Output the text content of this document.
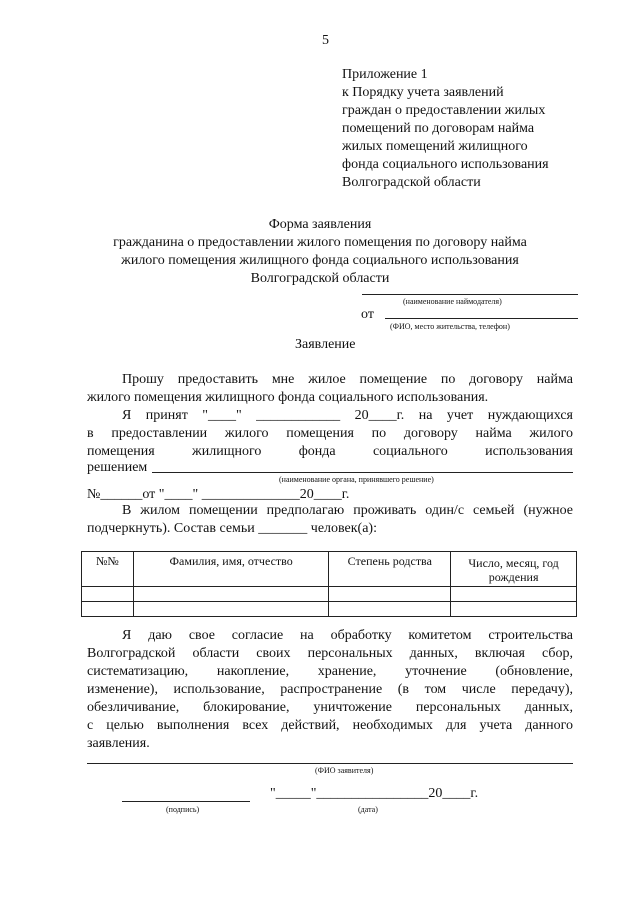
5
Приложение 1
к Порядку учета заявлений
граждан о предоставлении жилых
помещений по договорам найма
жилых помещений жилищного
фонда социального использования
Волгоградской области
Форма заявления
гражданина о предоставлении жилого помещения по договору найма
жилого помещения жилищного фонда социального использования
Волгоградской области
(наименование наймодателя)
от
(ФИО, место жительства, телефон)
Заявление
Прошу предоставить мне жилое помещение по договору найма
жилого помещения жилищного фонда социального использования.
Я принят "____" ____________ 20____г. на учет нуждающихся
в предоставлении жилого помещения по договору найма жилого
помещения жилищного фонда социального использования
решением
(наименование органа, принявшего решение)
№______от "____" ______________20____г.
В жилом помещении предполагаю проживать один/с семьей (нужное
подчеркнуть). Состав семьи _______ человек(а):
№№	Фамилия, имя, отчество	Степень родства	Число, месяц, год рождения

Я даю свое согласие на обработку комитетом строительства
Волгоградской области своих персональных данных, включая сбор,
систематизацию, накопление, хранение, уточнение (обновление,
изменение), использование, распространение (в том числе передачу),
обезличивание, блокирование, уничтожение персональных данных,
с целью выполнения всех действий, необходимых для учета данного
заявления.
(ФИО заявителя)
(подпись)
"_____"________________20____г.
(дата)
